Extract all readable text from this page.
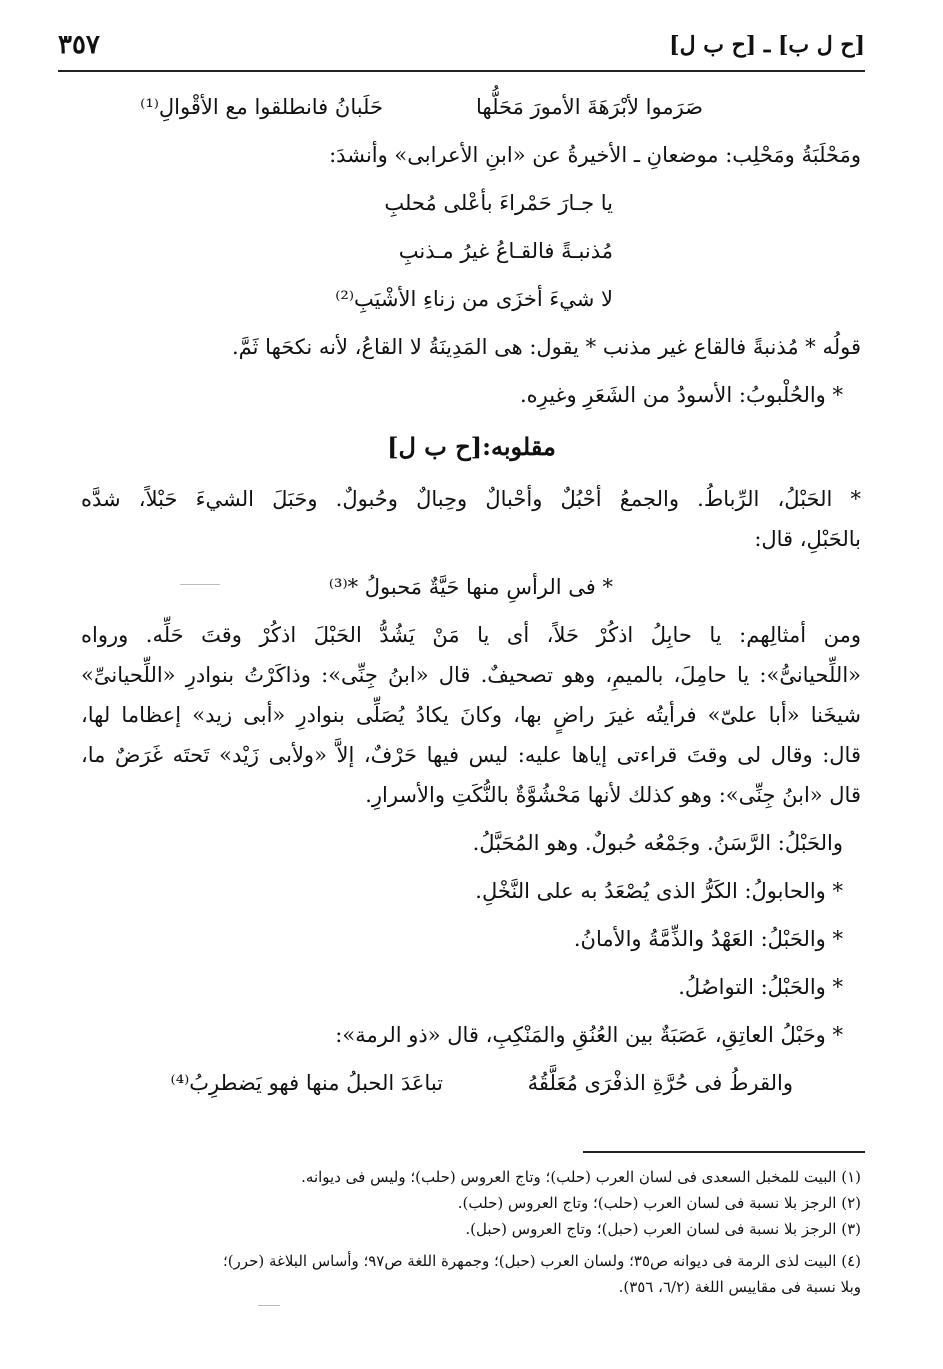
[ح ل ب] ـ [ح ب ل]
٣٥٧
صَرَموا لأبْرَهَةَ الأمورَ مَحَلُّها
حَلَبانُ فانطلقوا مع الأقْوالِ⁽¹⁾
ومَحْلَبَةُ ومَحْلِب: موضعانِ ـ الأخيرةُ عن «ابنِ الأعرابى» وأنشدَ:
يا جـارَ حَمْراءَ بأعْلى مُحلبِ
مُذنبـةً فالقـاعُ غيرُ مـذنبِ
لا شيءَ أخزَى من زناءِ الأشْيَبِ⁽²⁾
قولُه * مُذنبةً فالقاع غير مذنب * يقول: هى المَدِينَةُ لا القاعُ، لأنه نكحَها ثَمَّ.
* والحُلْبوبُ: الأسودُ من الشَعَرِ وغيرِه.
مقلوبه:[ح ب ل]
* الحَبْلُ، الرِّباطُ. والجمعُ أحْبُلٌ وأحْبالٌ وحِبالٌ وحُبولٌ. وحَبَلَ الشيءَ حَبْلاً، شدَّه
بالحَبْلِ، قال:
* فى الرأسِ منها حَيَّةٌ مَحبولُ *⁽³⁾
ومن أمثالِهم: يا حابِلُ اذكُرْ حَلاً، أى يا مَنْ يَشُدُّ الحَبْلَ اذكُرْ وقتَ حَلِّه. ورواه
«اللِّحيانىُّ»: يا حامِلَ، بالميمِ، وهو تصحيفٌ. قال «ابنُ جِنِّى»: وذاكَرْتُ بنوادرِ «اللِّحيانىِّ»
شيخَنا «أبا علىّ» فرأيتُه غيرَ راضٍ بها، وكانَ يكادُ يُصَلِّى بنوادرِ «أبى زيد» إعظاما لها،
قال: وقال لى وقتَ قراءتى إياها عليه: ليس فيها حَرْفٌ، إلاَّ «ولأبى زَيْد» تَحتَه غَرَضٌ ما،
قال «ابنُ جِنِّى»: وهو كذلك لأنها مَحْشُوَّةٌ بالنُّكَتِ والأسرارِ.
والحَبْلُ: الرَّسَنُ. وجَمْعُه حُبولٌ. وهو المُحَبَّلُ.
* والحابولُ: الكَرُّ الذى يُصْعَدُ به على النَّخْلِ.
* والحَبْلُ: العَهْدُ والذِّمَّةُ والأمانُ.
* والحَبْلُ: التواصُلُ.
* وحَبْلُ العاتِقِ، عَصَبَةٌ بين العُنُقِ والمَنْكِبِ، قال «ذو الرمة»:
والقرطُ فى حُرَّةِ الذفْرَى مُعَلَّقُهُ
تباعَدَ الحبلُ منها فهو يَضطرِبُ⁽⁴⁾
(١) البيت للمخبل السعدى فى لسان العرب (حلب)؛ وتاج العروس (حلب)؛ وليس فى ديوانه.
(٢) الرجز بلا نسبة فى لسان العرب (حلب)؛ وتاج العروس (حلب).
(٣) الرجز بلا نسبة فى لسان العرب (حبل)؛ وتاج العروس (حبل).
(٤) البيت لذى الرمة فى ديوانه ص٣٥؛ ولسان العرب (حبل)؛ وجمهرة اللغة ص٩٧؛ وأساس البلاغة (حرر)؛
وبلا نسبة فى مقاييس اللغة (٦/٢، ٣٥٦).
